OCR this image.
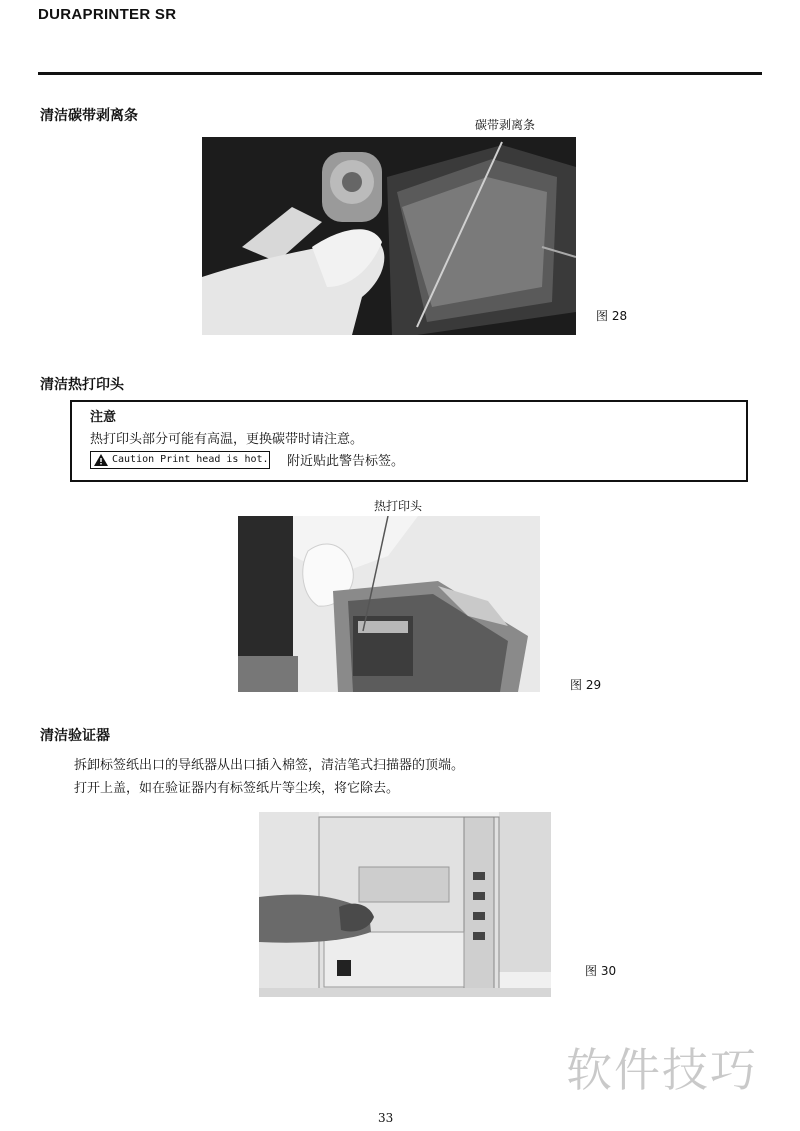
DURAPRINTER SR
清洁碳带剥离条
碳带剥离条
图 28
清洁热打印头
注意
热打印头部分可能有高温，更换碳带时请注意。
Caution Print head is hot. 附近贴此警告标签。
热打印头
图 29
清洁验证器
拆卸标签纸出口的导纸器从出口插入棉签，清洁笔式扫描器的顶端。
打开上盖，如在验证器内有标签纸片等尘埃，将它除去。
图 30
软件技巧
33
